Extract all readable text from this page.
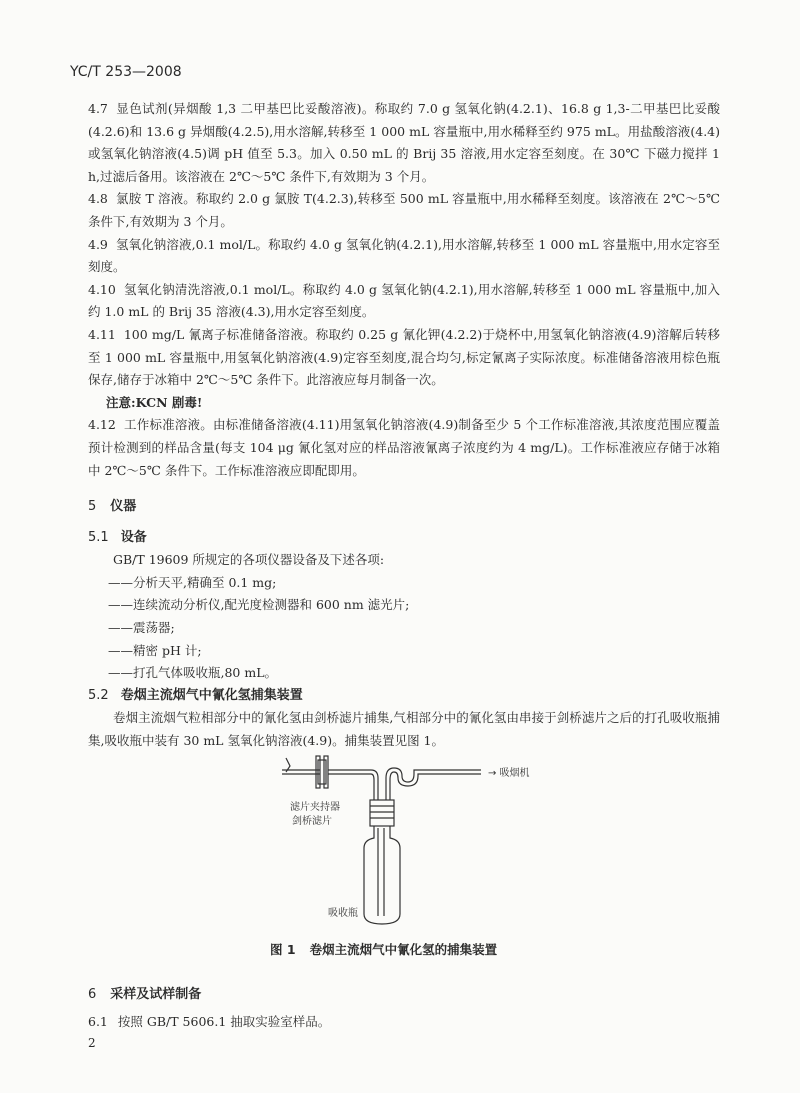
YC/T 253—2008

4.7 显色试剂(异烟酸 1,3 二甲基巴比妥酸溶液)。称取约 7.0 g 氢氧化钠(4.2.1)、16.8 g 1,3-二甲基巴比妥酸(4.2.6)和 13.6 g 异烟酸(4.2.5),用水溶解,转移至 1 000 mL 容量瓶中,用水稀释至约 975 mL。用盐酸溶液(4.4)或氢氧化钠溶液(4.5)调 pH 值至 5.3。加入 0.50 mL 的 Brij 35 溶液,用水定容至刻度。在 30℃ 下磁力搅拌 1 h,过滤后备用。该溶液在 2℃～5℃ 条件下,有效期为 3 个月。

4.8 氯胺 T 溶液。称取约 2.0 g 氯胺 T(4.2.3),转移至 500 mL 容量瓶中,用水稀释至刻度。该溶液在 2℃～5℃ 条件下,有效期为 3 个月。

4.9 氢氧化钠溶液,0.1 mol/L。称取约 4.0 g 氢氧化钠(4.2.1),用水溶解,转移至 1 000 mL 容量瓶中,用水定容至刻度。

4.10 氢氧化钠清洗溶液,0.1 mol/L。称取约 4.0 g 氢氧化钠(4.2.1),用水溶解,转移至 1 000 mL 容量瓶中,加入约 1.0 mL 的 Brij 35 溶液(4.3),用水定容至刻度。

4.11 100 mg/L 氰离子标准储备溶液。称取约 0.25 g 氰化钾(4.2.2)于烧杯中,用氢氧化钠溶液(4.9)溶解后转移至 1 000 mL 容量瓶中,用氢氧化钠溶液(4.9)定容至刻度,混合均匀,标定氰离子实际浓度。标准储备溶液用棕色瓶保存,储存于冰箱中 2℃～5℃ 条件下。此溶液应每月制备一次。

注意:KCN 剧毒!

4.12 工作标准溶液。由标准储备溶液(4.11)用氢氧化钠溶液(4.9)制备至少 5 个工作标准溶液,其浓度范围应覆盖预计检测到的样品含量(每支 104 μg 氰化氢对应的样品溶液氰离子浓度约为 4 mg/L)。工作标准液应存储于冰箱中 2℃～5℃ 条件下。工作标准溶液应即配即用。

5 仪器

5.1 设备

GB/T 19609 所规定的各项仪器设备及下述各项:

——分析天平,精确至 0.1 mg;
——连续流动分析仪,配光度检测器和 600 nm 滤光片;
——震荡器;
——精密 pH 计;
——打孔气体吸收瓶,80 mL。

5.2 卷烟主流烟气中氰化氢捕集装置

卷烟主流烟气粒相部分中的氰化氢由剑桥滤片捕集,气相部分中的氰化氢由串接于剑桥滤片之后的打孔吸收瓶捕集,吸收瓶中装有 30 mL 氢氧化钠溶液(4.9)。捕集装置见图 1。

→ 吸烟机
滤片夹持器
剑桥滤片
吸收瓶
图 1 卷烟主流烟气中氰化氢的捕集装置

6 采样及试样制备

6.1 按照 GB/T 5606.1 抽取实验室样品。
2
